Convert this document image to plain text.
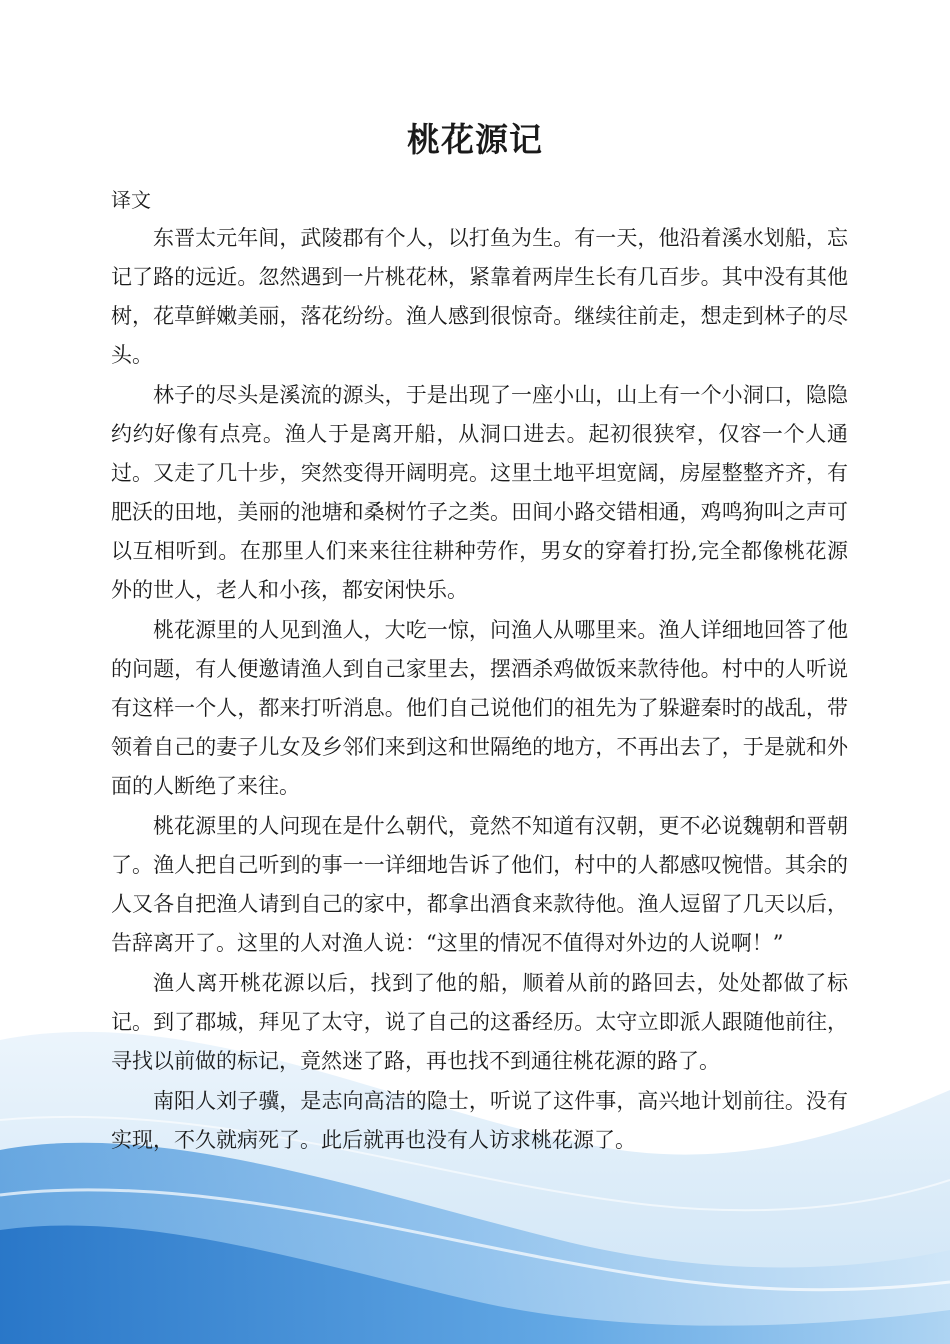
桃花源记
译文

东晋太元年间，武陵郡有个人，以打鱼为生。有一天，他沿着溪水划船，忘记了路的远近。忽然遇到一片桃花林，紧靠着两岸生长有几百步。其中没有其他树，花草鲜嫩美丽，落花纷纷。渔人感到很惊奇。继续往前走，想走到林子的尽头。

林子的尽头是溪流的源头，于是出现了一座小山，山上有一个小洞口，隐隐约约好像有点亮。渔人于是离开船，从洞口进去。起初很狭窄，仅容一个人通过。又走了几十步，突然变得开阔明亮。这里土地平坦宽阔，房屋整整齐齐，有肥沃的田地，美丽的池塘和桑树竹子之类。田间小路交错相通，鸡鸣狗叫之声可以互相听到。在那里人们来来往往耕种劳作，男女的穿着打扮,完全都像桃花源外的世人，老人和小孩，都安闲快乐。

桃花源里的人见到渔人，大吃一惊，问渔人从哪里来。渔人详细地回答了他的问题，有人便邀请渔人到自己家里去，摆酒杀鸡做饭来款待他。村中的人听说有这样一个人，都来打听消息。他们自己说他们的祖先为了躲避秦时的战乱，带领着自己的妻子儿女及乡邻们来到这和世隔绝的地方，不再出去了，于是就和外面的人断绝了来往。

桃花源里的人问现在是什么朝代，竟然不知道有汉朝，更不必说魏朝和晋朝了。渔人把自己听到的事一一详细地告诉了他们，村中的人都感叹惋惜。其余的人又各自把渔人请到自己的家中，都拿出酒食来款待他。渔人逗留了几天以后，告辞离开了。这里的人对渔人说：“这里的情况不值得对外边的人说啊！”

渔人离开桃花源以后，找到了他的船，顺着从前的路回去，处处都做了标记。到了郡城，拜见了太守，说了自己的这番经历。太守立即派人跟随他前往，寻找以前做的标记，竟然迷了路，再也找不到通往桃花源的路了。

南阳人刘子骥，是志向高洁的隐士，听说了这件事，高兴地计划前往。没有实现，不久就病死了。此后就再也没有人访求桃花源了。
